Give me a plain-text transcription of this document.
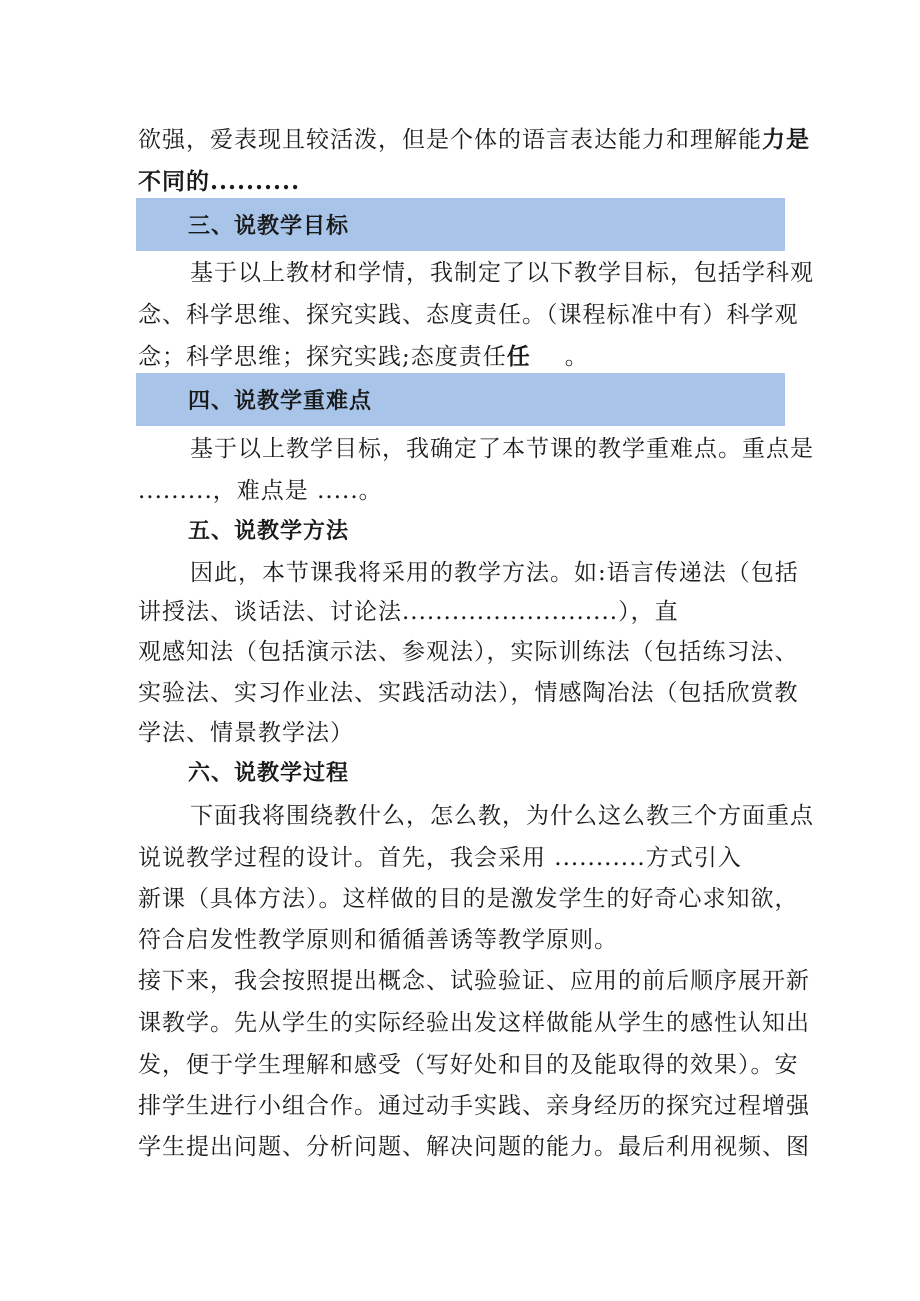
欲强，爱表现且较活泼，但是个体的语言表达能力和理解能力是
不同的..........
三、说教学目标
基于以上教材和学情，我制定了以下教学目标，包括学科观
念、科学思维、探究实践、态度责任。（课程标准中有）科学观
念；科学思维；探究实践;态度责任任 。
四、说教学重难点
基于以上教学目标，我确定了本节课的教学重难点。重点是
.........，难点是 .....。
五、说教学方法
因此，本节课我将采用的教学方法。如:语言传递法（包括
讲授法、谈话法、讨论法..........................），直
观感知法（包括演示法、参观法），实际训练法（包括练习法、
实验法、实习作业法、实践活动法），情感陶冶法（包括欣赏教
学法、情景教学法）
六、说教学过程
下面我将围绕教什么，怎么教，为什么这么教三个方面重点
说说教学过程的设计。首先，我会采用 ...........方式引入
新课（具体方法）。这样做的目的是激发学生的好奇心求知欲，
符合启发性教学原则和循循善诱等教学原则。
接下来，我会按照提出概念、试验验证、应用的前后顺序展开新
课教学。先从学生的实际经验出发这样做能从学生的感性认知出
发，便于学生理解和感受（写好处和目的及能取得的效果）。安
排学生进行小组合作。通过动手实践、亲身经历的探究过程增强
学生提出问题、分析问题、解决问题的能力。最后利用视频、图
